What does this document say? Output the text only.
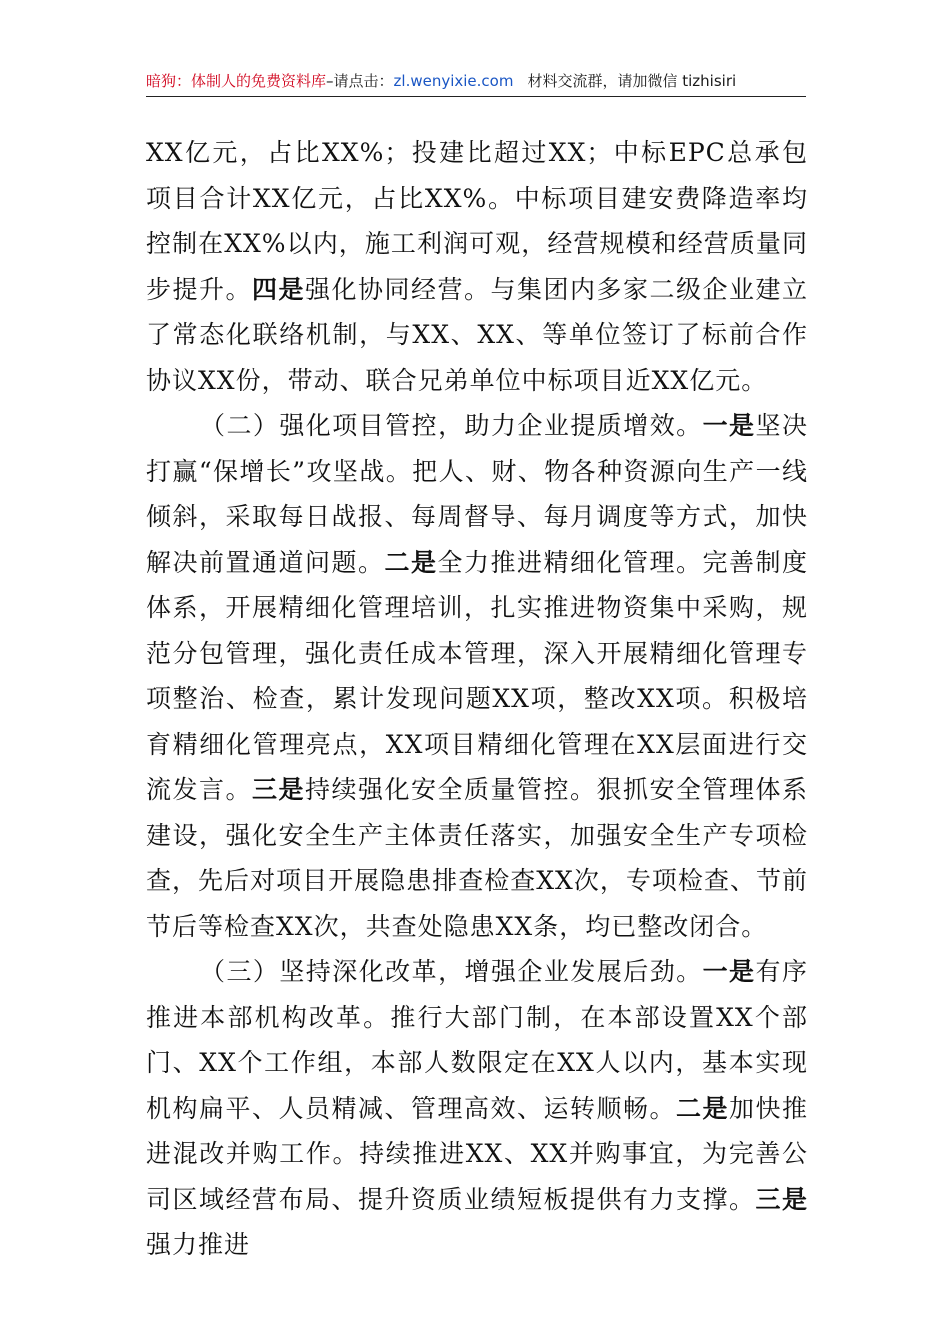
暗狗：体制人的免费资料库–请点击：zl.wenyixie.com 材料交流群，请加微信 tizhisiri

XX亿元，占比XX%；投建比超过XX；中标EPC总承包项目合计XX亿元，占比XX%。中标项目建安费降造率均控制在XX%以内，施工利润可观，经营规模和经营质量同步提升。四是强化协同经营。与集团内多家二级企业建立了常态化联络机制，与XX、XX、等单位签订了标前合作协议XX份，带动、联合兄弟单位中标项目近XX亿元。

（二）强化项目管控，助力企业提质增效。一是坚决打赢“保增长”攻坚战。把人、财、物各种资源向生产一线倾斜，采取每日战报、每周督导、每月调度等方式，加快解决前置通道问题。二是全力推进精细化管理。完善制度体系，开展精细化管理培训，扎实推进物资集中采购，规范分包管理，强化责任成本管理，深入开展精细化管理专项整治、检查，累计发现问题XX项，整改XX项。积极培育精细化管理亮点，XX项目精细化管理在XX层面进行交流发言。三是持续强化安全质量管控。狠抓安全管理体系建设，强化安全生产主体责任落实，加强安全生产专项检查，先后对项目开展隐患排查检查XX次，专项检查、节前节后等检查XX次，共查处隐患XX条，均已整改闭合。

（三）坚持深化改革，增强企业发展后劲。一是有序推进本部机构改革。推行大部门制，在本部设置XX个部门、XX个工作组，本部人数限定在XX人以内，基本实现机构扁平、人员精减、管理高效、运转顺畅。二是加快推进混改并购工作。持续推进XX、XX并购事宜，为完善公司区域经营布局、提升资质业绩短板提供有力支撑。三是强力推进
